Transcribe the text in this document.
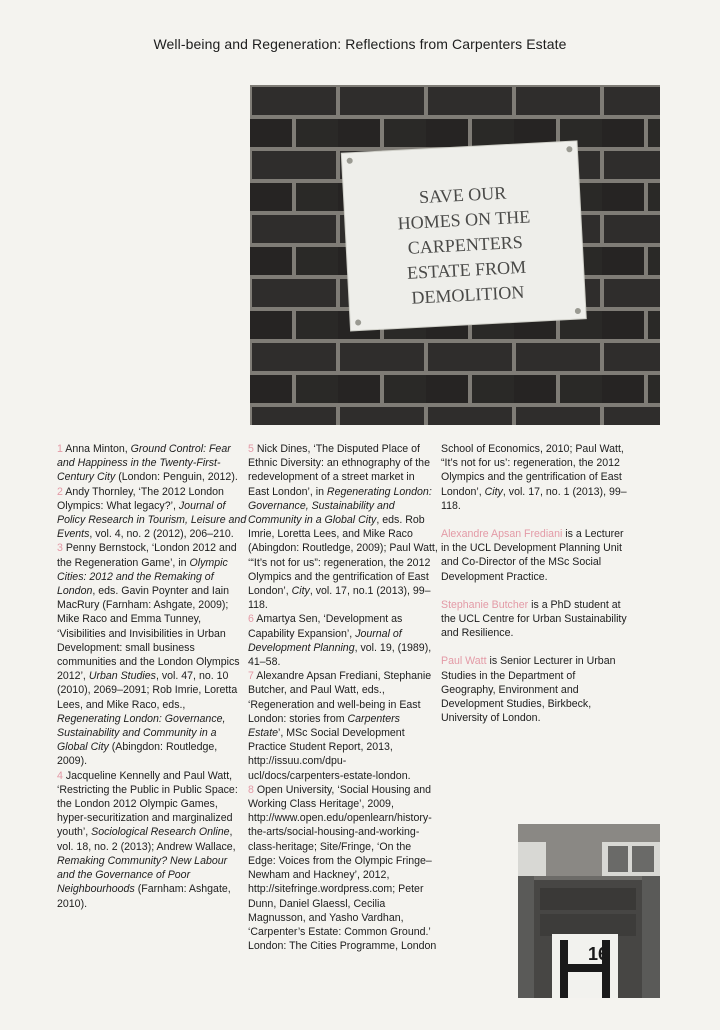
Well-being and Regeneration: Reflections from Carpenters Estate
SAVE OUR
HOMES ON THE
CARPENTERS
ESTATE FROM
DEMOLITION
16

1 Anna Minton, Ground Control: Fear and Happiness in the Twenty-First-Century City (London: Penguin, 2012).

2 Andy Thornley, ‘The 2012 London Olympics: What legacy?’, Journal of Policy Research in Tourism, Leisure and Events, vol. 4, no. 2 (2012), 206–210.

3 Penny Bernstock, ‘London 2012 and the Regeneration Game’, in Olympic Cities: 2012 and the Remaking of London, eds. Gavin Poynter and Iain MacRury (Farnham: Ashgate, 2009); Mike Raco and Emma Tunney, ‘Visibilities and Invisibilities in Urban Development: small business communities and the London Olympics 2012’, Urban Studies, vol. 47, no. 10 (2010), 2069–2091; Rob Imrie, Loretta Lees, and Mike Raco, eds., Regenerating London: Governance, Sustainability and Community in a Global City (Abingdon: Routledge, 2009).

4 Jacqueline Kennelly and Paul Watt, ‘Restricting the Public in Public Space: the London 2012 Olympic Games, hyper-securitization and marginalized youth’, Sociological Research Online, vol. 18, no. 2 (2013); Andrew Wallace, Remaking Community? New Labour and the Governance of Poor Neighbourhoods (Farnham: Ashgate, 2010).

5 Nick Dines, ‘The Disputed Place of Ethnic Diversity: an ethnography of the redevelopment of a street market in East London’, in Regenerating London: Governance, Sustainability and Community in a Global City, eds. Rob Imrie, Loretta Lees, and Mike Raco (Abingdon: Routledge, 2009); Paul Watt, ‘“It’s not for us”: regeneration, the 2012 Olympics and the gentrification of East London’, City, vol. 17, no.1 (2013), 99–118.

6 Amartya Sen, ‘Development as Capability Expansion’, Journal of Development Planning, vol. 19, (1989), 41–58.

7 Alexandre Apsan Frediani, Stephanie Butcher, and Paul Watt, eds., ‘Regeneration and well-being in East London: stories from Carpenters Estate’, MSc Social Development Practice Student Report, 2013, http://issuu.com/dpu-ucl/docs/carpenters-estate-london.

8 Open University, ‘Social Housing and Working Class Heritage’, 2009, http://www.open.edu/openlearn/history-the-arts/social-housing-and-working-class-heritage; Site/Fringe, ‘On the Edge: Voices from the Olympic Fringe–Newham and Hackney’, 2012, http://sitefringe.wordpress.com; Peter Dunn, Daniel Glaessl, Cecilia Magnusson, and Yasho Vardhan, ‘Carpenter’s Estate: Common Ground.’ London: The Cities Programme, London

School of Economics, 2010; Paul Watt, “It’s not for us’: regeneration, the 2012 Olympics and the gentrification of East London’, City, vol. 17, no. 1 (2013), 99–118.

Alexandre Apsan Frediani is a Lecturer in the UCL Development Planning Unit and Co-Director of the MSc Social Development Practice.

Stephanie Butcher is a PhD student at the UCL Centre for Urban Sustainability and Resilience.

Paul Watt is Senior Lecturer in Urban Studies in the Department of Geography, Environment and Development Studies, Birkbeck, University of London.
